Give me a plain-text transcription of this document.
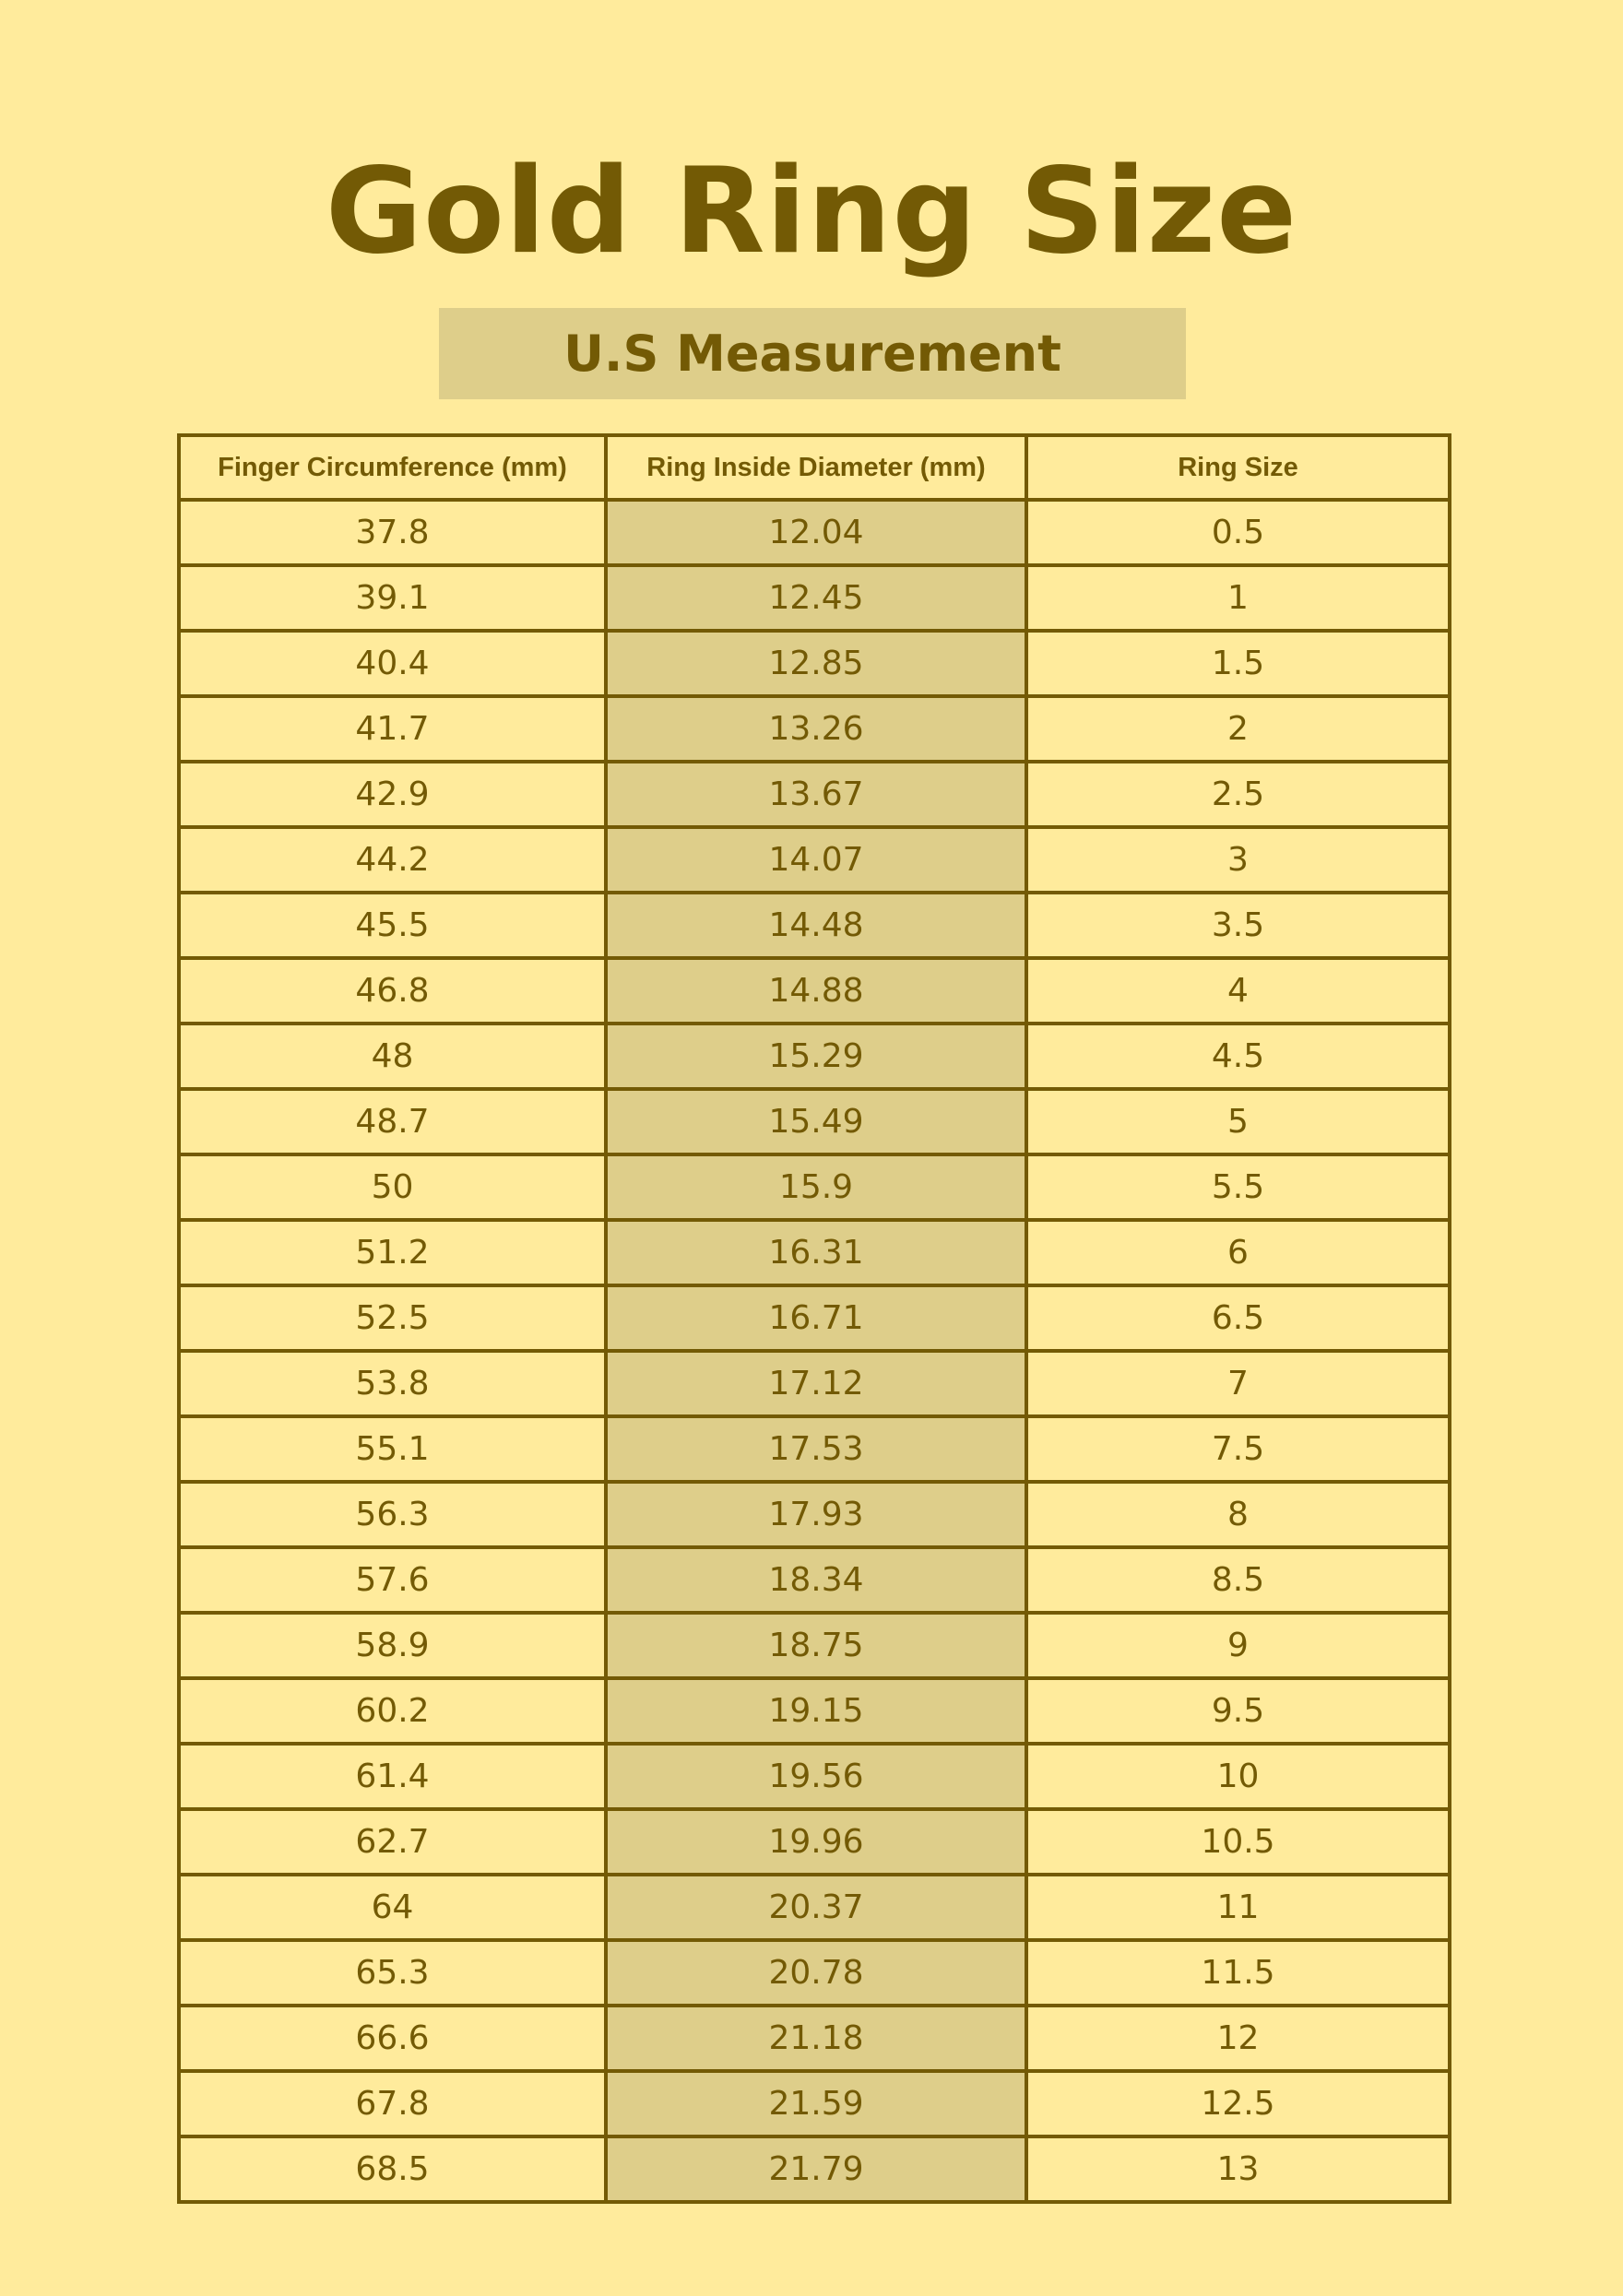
Gold Ring Size
U.S Measurement
Finger Circumference (mm)	Ring Inside Diameter (mm)	Ring Size
37.8	12.04	0.5
39.1	12.45	1
40.4	12.85	1.5
41.7	13.26	2
42.9	13.67	2.5
44.2	14.07	3
45.5	14.48	3.5
46.8	14.88	4
48	15.29	4.5
48.7	15.49	5
50	15.9	5.5
51.2	16.31	6
52.5	16.71	6.5
53.8	17.12	7
55.1	17.53	7.5
56.3	17.93	8
57.6	18.34	8.5
58.9	18.75	9
60.2	19.15	9.5
61.4	19.56	10
62.7	19.96	10.5
64	20.37	11
65.3	20.78	11.5
66.6	21.18	12
67.8	21.59	12.5
68.5	21.79	13
